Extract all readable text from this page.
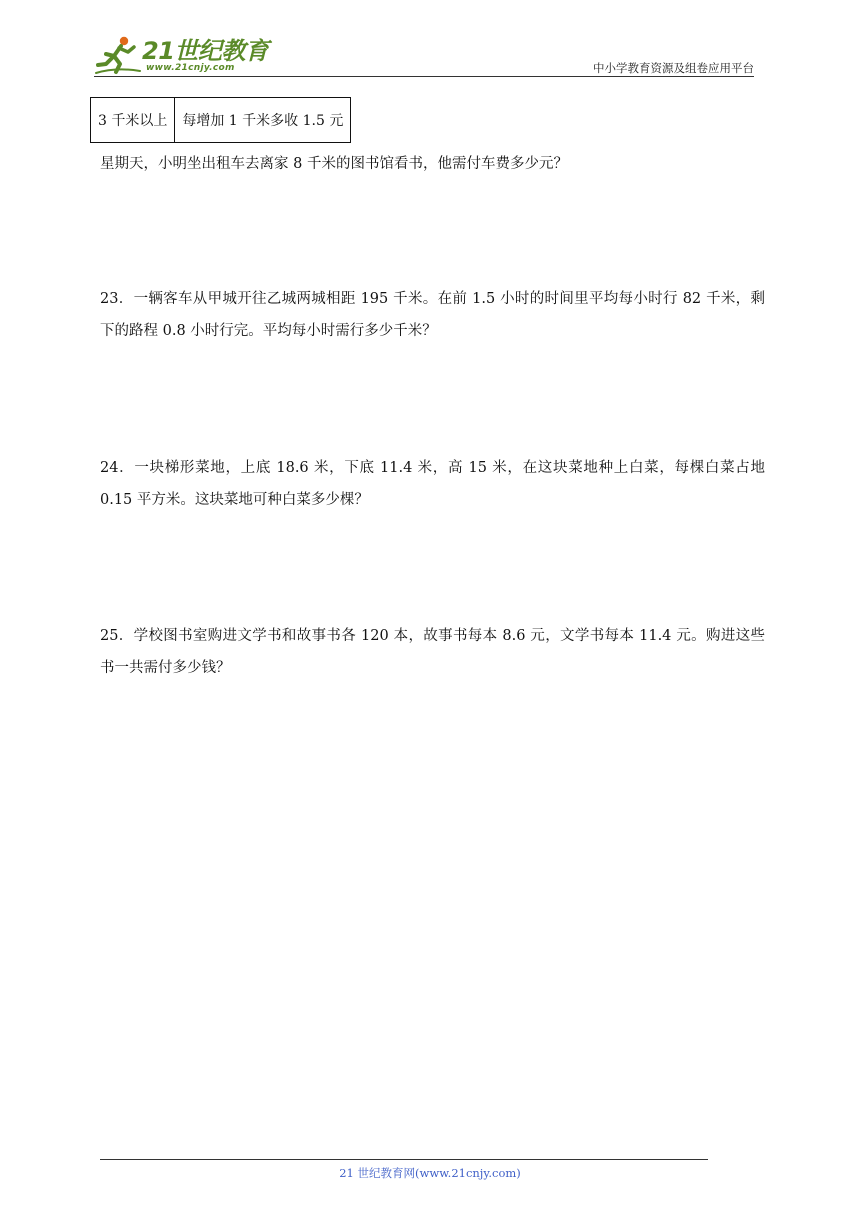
21世纪教育
www.21cnjy.com	中小学教育资源及组卷应用平台
3 千米以上	每增加 1 千米多收 1.5 元

星期天，小明坐出租车去离家 8 千米的图书馆看书，他需付车费多少元？

23．一辆客车从甲城开往乙城两城相距 195 千米。在前 1.5 小时的时间里平均每小时行 82 千米，剩下的路程 0.8 小时行完。平均每小时需行多少千米？

24．一块梯形菜地，上底 18.6 米，下底 11.4 米，高 15 米，在这块菜地种上白菜，每棵白菜占地 0.15 平方米。这块菜地可种白菜多少棵？

25．学校图书室购进文学书和故事书各 120 本，故事书每本 8.6 元，文学书每本 11.4 元。购进这些书一共需付多少钱？

21 世纪教育网(www.21cnjy.com)
